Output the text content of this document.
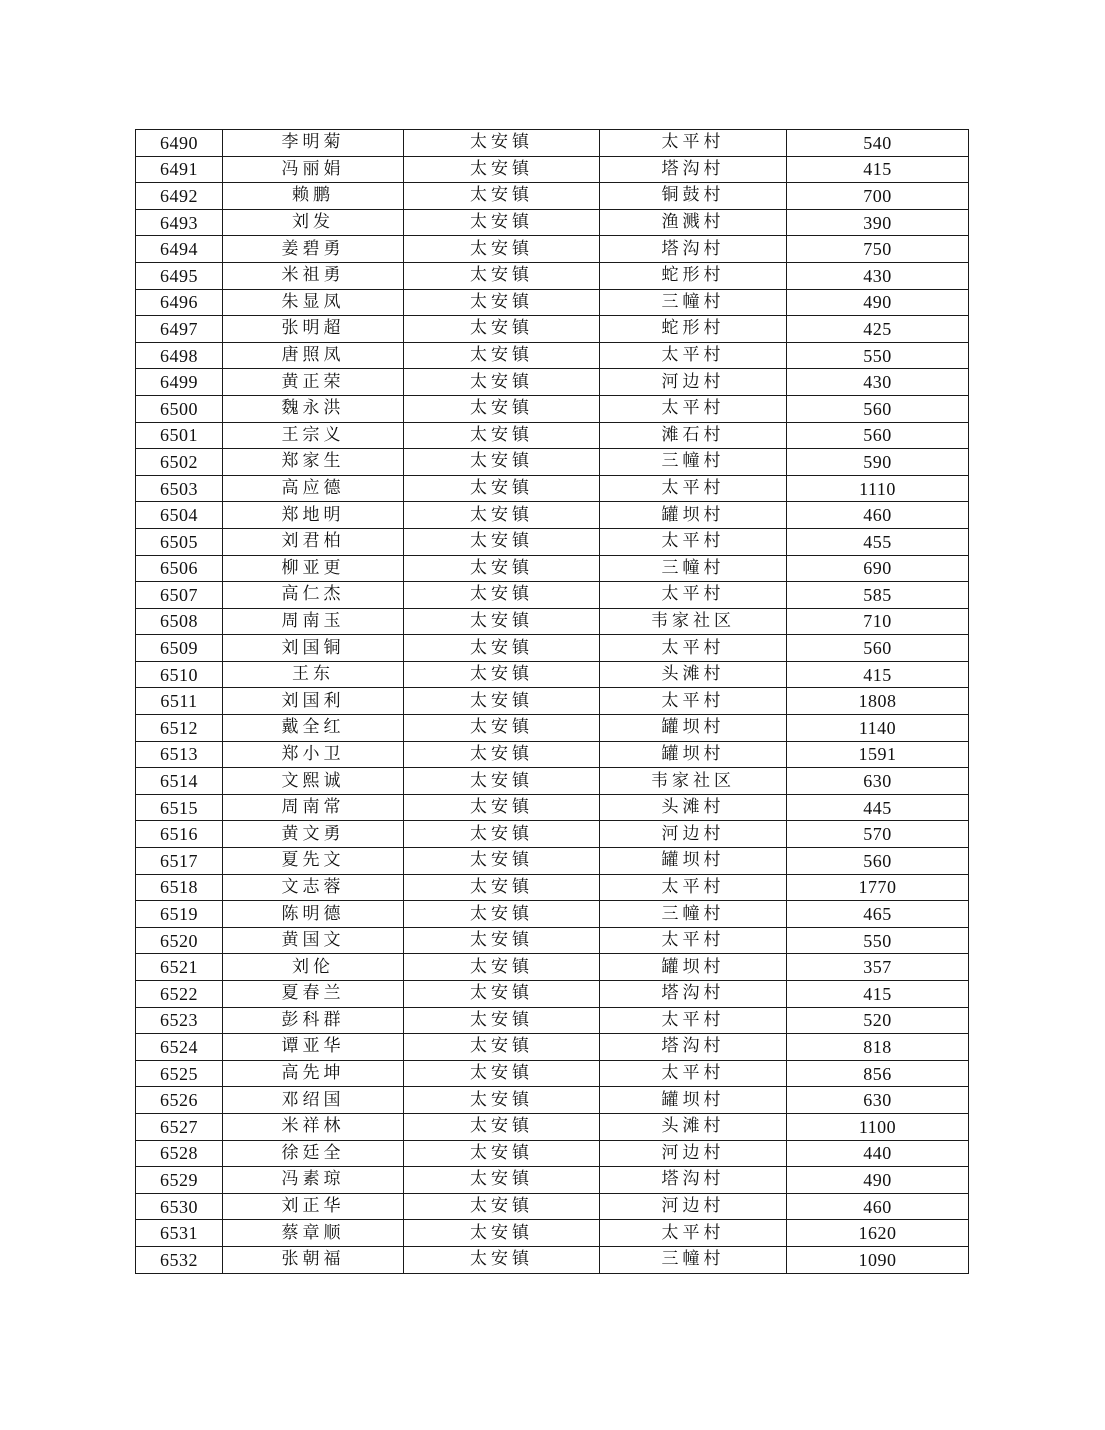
6490	李明菊	太安镇	太平村	540
6491	冯丽娟	太安镇	塔沟村	415
6492	赖鹏	太安镇	铜鼓村	700
6493	刘发	太安镇	渔溅村	390
6494	姜碧勇	太安镇	塔沟村	750
6495	米祖勇	太安镇	蛇形村	430
6496	朱显凤	太安镇	三幢村	490
6497	张明超	太安镇	蛇形村	425
6498	唐照凤	太安镇	太平村	550
6499	黄正荣	太安镇	河边村	430
6500	魏永洪	太安镇	太平村	560
6501	王宗义	太安镇	滩石村	560
6502	郑家生	太安镇	三幢村	590
6503	高应德	太安镇	太平村	1110
6504	郑地明	太安镇	罐坝村	460
6505	刘君柏	太安镇	太平村	455
6506	柳亚更	太安镇	三幢村	690
6507	高仁杰	太安镇	太平村	585
6508	周南玉	太安镇	韦家社区	710
6509	刘国铜	太安镇	太平村	560
6510	王东	太安镇	头滩村	415
6511	刘国利	太安镇	太平村	1808
6512	戴全红	太安镇	罐坝村	1140
6513	郑小卫	太安镇	罐坝村	1591
6514	文熙诚	太安镇	韦家社区	630
6515	周南常	太安镇	头滩村	445
6516	黄文勇	太安镇	河边村	570
6517	夏先文	太安镇	罐坝村	560
6518	文志蓉	太安镇	太平村	1770
6519	陈明德	太安镇	三幢村	465
6520	黄国文	太安镇	太平村	550
6521	刘伦	太安镇	罐坝村	357
6522	夏春兰	太安镇	塔沟村	415
6523	彭科群	太安镇	太平村	520
6524	谭亚华	太安镇	塔沟村	818
6525	高先坤	太安镇	太平村	856
6526	邓绍国	太安镇	罐坝村	630
6527	米祥林	太安镇	头滩村	1100
6528	徐廷全	太安镇	河边村	440
6529	冯素琼	太安镇	塔沟村	490
6530	刘正华	太安镇	河边村	460
6531	蔡章顺	太安镇	太平村	1620
6532	张朝福	太安镇	三幢村	1090
